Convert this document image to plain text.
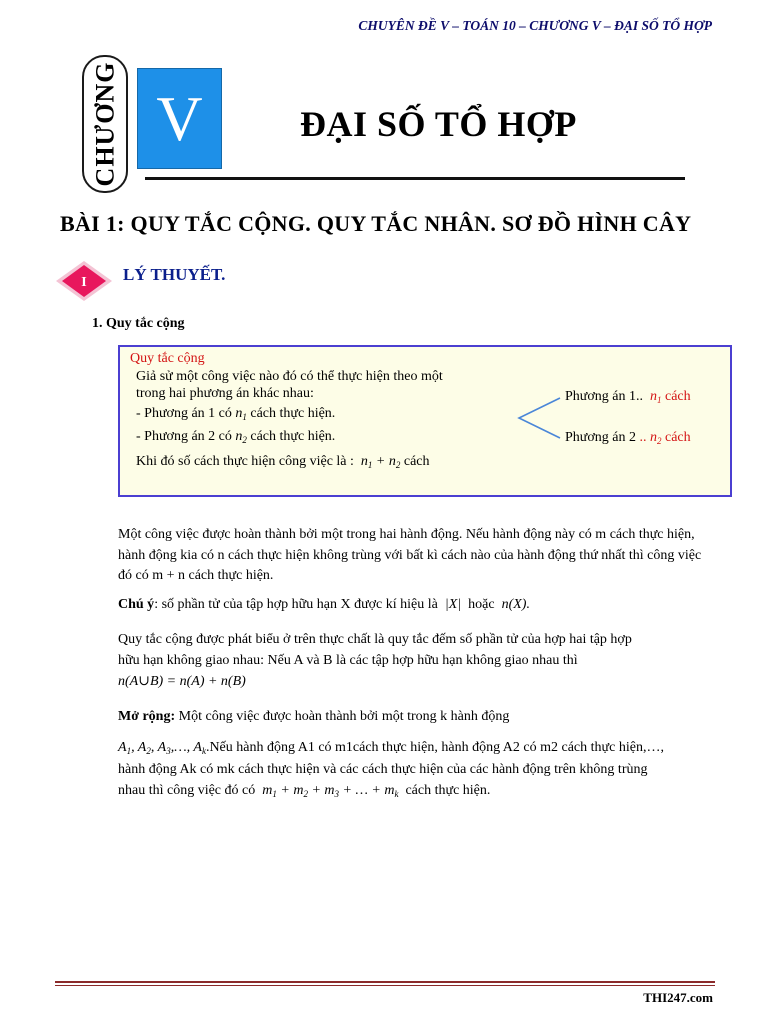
CHUYÊN ĐỀ V – TOÁN 10 – CHƯƠNG V – ĐẠI SỐ TỔ HỢP
CHƯƠNG V	ĐẠI SỐ TỔ HỢP
BÀI 1: QUY TẮC CỘNG. QUY TẮC NHÂN. SƠ ĐỒ HÌNH CÂY
I LÝ THUYẾT.
1. Quy tắc cộng
Quy tắc cộng
Giả sử một công việc nào đó có thể thực hiện theo một
trong hai phương án khác nhau:
- Phương án 1 có $n_1$ cách thực hiện.
- Phương án 2 có $n_2$ cách thực hiện.
Khi đó số cách thực hiện công việc là : $n_1 + n_2$ cách
Phương án 1.. $n_1$ cách
Phương án 2 .. $n_2$ cách
Một công việc được hoàn thành bởi một trong hai hành động. Nếu hành động này có m cách thực hiện, hành động kia có n cách thực hiện không trùng với bất kì cách nào của hành động thứ nhất thì công việc đó có m + n cách thực hiện.
Chú ý: số phần tử của tập hợp hữu hạn X được kí hiệu là  |X|  hoặc  n(X).
Quy tắc cộng được phát biểu ở trên thực chất là quy tắc đếm số phần tử của hợp hai tập hợp
hữu hạn không giao nhau: Nếu A và B là các tập hợp hữu hạn không giao nhau thì
n(A∪B) = n(A) + n(B)
Mở rộng: Một công việc được hoàn thành bởi một trong k hành động
$A_1$, $A_2$, $A_3,\dots$, $A_k.Nếu$ hành động A1 có m1cách thực hiện, hành động A2 có m2 cách thực hiện,…,
hành động Ak có mk cách thực hiện và các cách thực hiện của các hành động trên không trùng
nhau thì công việc đó có  $m_1 + m_2 + m_3$ + … + $m_k$ cách thực hiện.
THI247.com
